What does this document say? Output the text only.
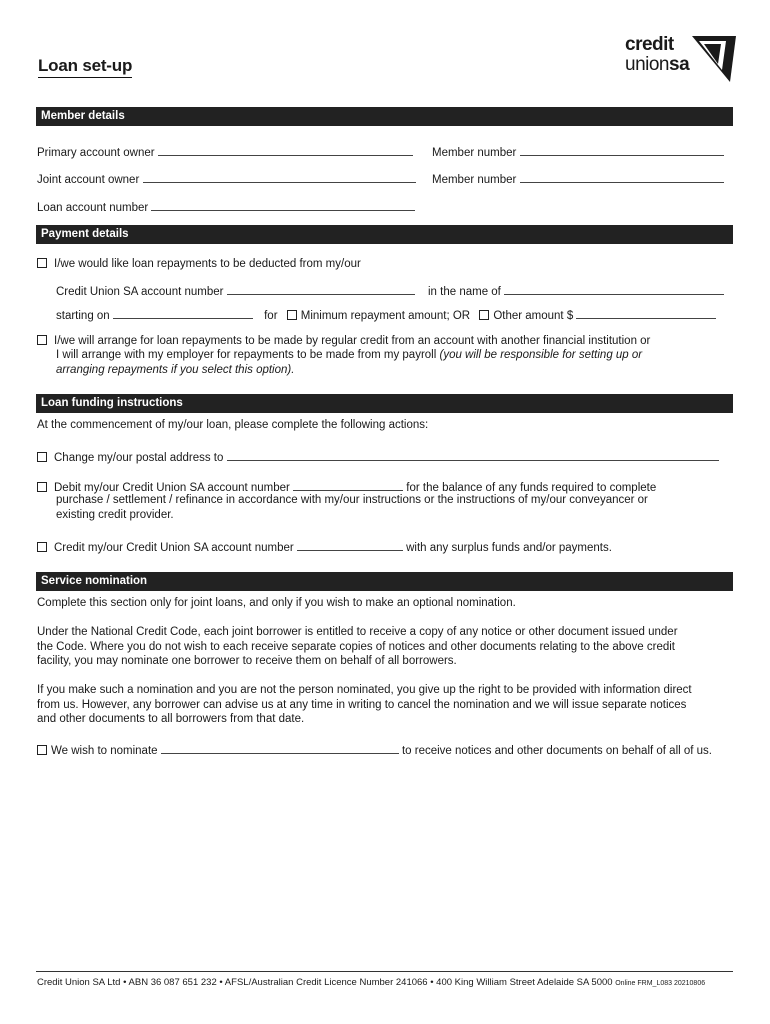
Loan set-up
credit
unionsa
Member details
Primary account owner	Member number
Joint account owner	Member number
Loan account number
Payment details
I/we would like loan repayments to be deducted from my/our
Credit Union SA account number	in the name of
starting on	for Minimum repayment amount; OR Other amount $
I/we will arrange for loan repayments to be made by regular credit from an account with another financial institution or
I will arrange with my employer for repayments to be made from my payroll (you will be responsible for setting up or
arranging repayments if you select this option).
Loan funding instructions
At the commencement of my/our loan, please complete the following actions:
Change my/our postal address to
Debit my/our Credit Union SA account number	for the balance of any funds required to complete
purchase / settlement / refinance in accordance with my/our instructions or the instructions of my/our conveyancer or
existing credit provider.
Credit my/our Credit Union SA account number	with any surplus funds and/or payments.
Service nomination
Complete this section only for joint loans, and only if you wish to make an optional nomination.
Under the National Credit Code, each joint borrower is entitled to receive a copy of any notice or other document issued under
the Code. Where you do not wish to each receive separate copies of notices and other documents relating to the above credit
facility, you may nominate one borrower to receive them on behalf of all borrowers.
If you make such a nomination and you are not the person nominated, you give up the right to be provided with information direct
from us. However, any borrower can advise us at any time in writing to cancel the nomination and we will issue separate notices
and other documents to all borrowers from that date.
We wish to nominate	to receive notices and other documents on behalf of all of us.
Credit Union SA Ltd • ABN 36 087 651 232 • AFSL/Australian Credit Licence Number 241066 • 400 King William Street Adelaide SA 5000 Online FRM_L083 20210806
